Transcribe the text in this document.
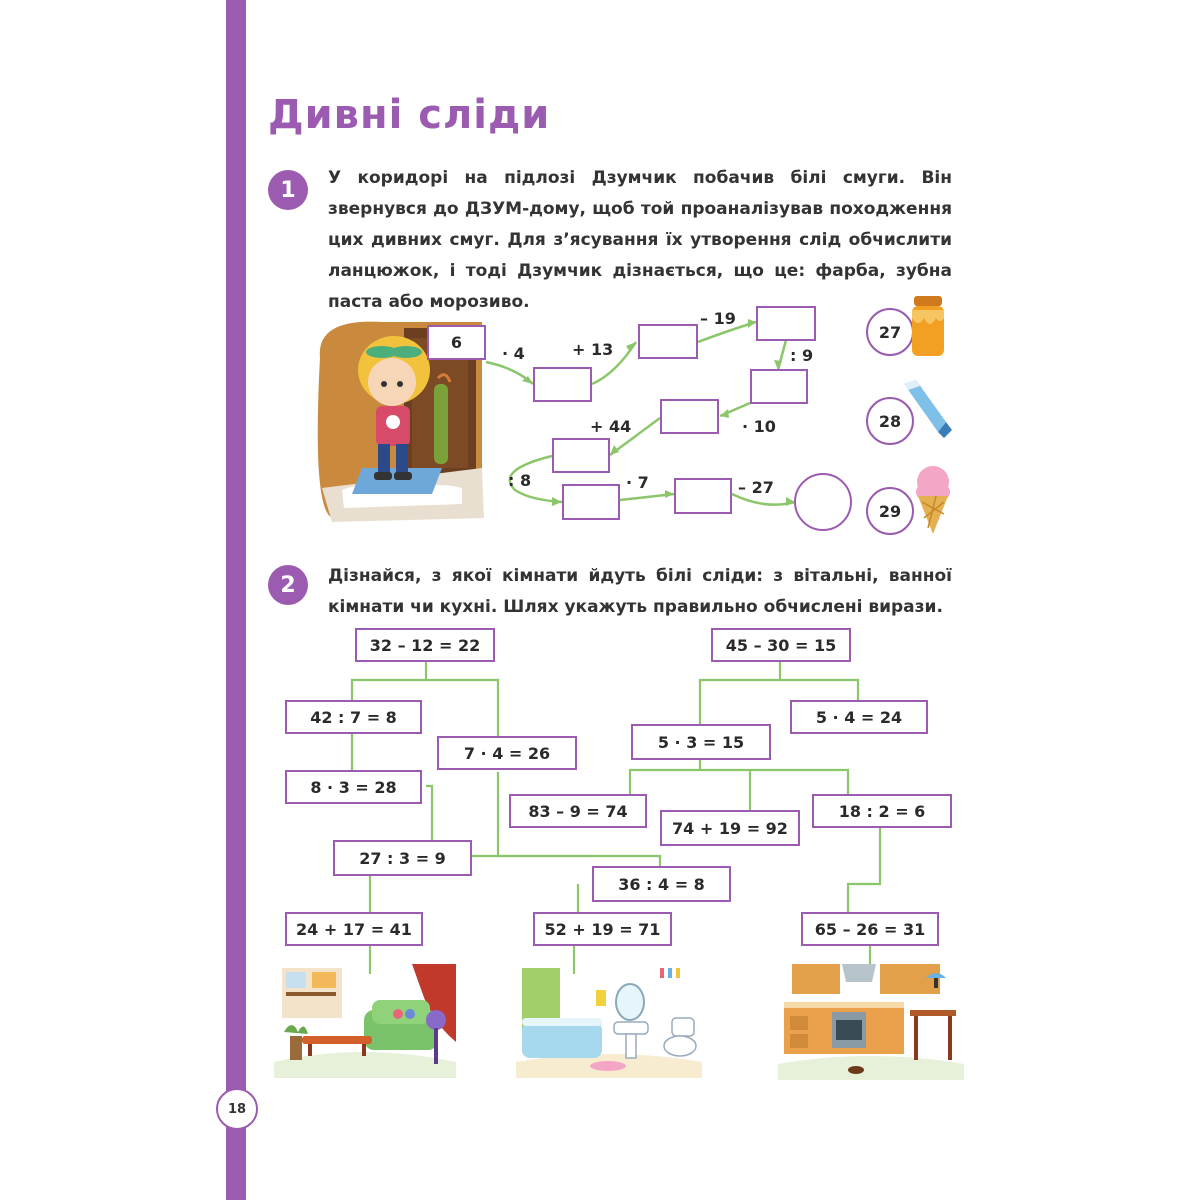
18
Дивні сліди
1	У коридорі на підлозі Дзумчик побачив білі смуги. Він звернувся до ДЗУМ-дому, щоб той проаналізував походження цих дивних смуг. Для з’ясування їх утворення слід обчислити ланцюжок, і тоді Дзумчик дізнається, що це: фарба, зубна паста або морозиво.
6
· 4	+ 13
– 19
: 9
· 10
+ 44
: 8	· 7	– 27
27
28
29
2	Дізнайся, з якої кімнати йдуть білі сліди: з вітальні, ванної кімнати чи кухні. Шлях укажуть правильно обчислені вирази.
32 – 12 = 22	45 – 30 = 15
42 : 7 = 8	5 · 4 = 24
7 · 4 = 26
5 · 3 = 15
8 · 3 = 28
83 – 9 = 74
74 + 19 = 92
18 : 2 = 6
27 : 3 = 9
36 : 4 = 8
24 + 17 = 41	52 + 19 = 71	65 – 26 = 31
